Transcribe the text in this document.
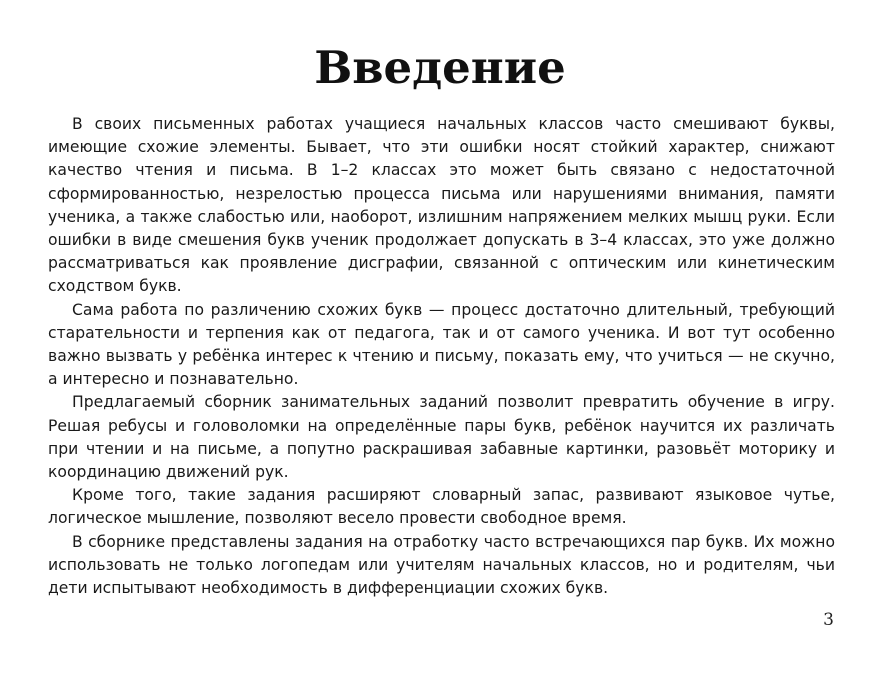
Введение

В своих письменных работах учащиеся начальных классов часто смешивают буквы, имеющие схожие элементы. Бывает, что эти ошибки носят стойкий характер, снижают качество чтения и письма. В 1–2 классах это может быть связано с недостаточной сформированностью, незрелостью процесса письма или нарушениями внимания, памяти ученика, а также слабостью или, наоборот, излишним напряжением мелких мышц руки. Если ошибки в виде смешения букв ученик продолжает допускать в 3–4 классах, это уже должно рассматриваться как проявление дисграфии, связанной с оптическим или кинетическим сходством букв.

Сама работа по различению схожих букв — процесс достаточно длительный, требующий старательности и терпения как от педагога, так и от самого ученика. И вот тут особенно важно вызвать у ребёнка интерес к чтению и письму, показать ему, что учиться — не скучно, а интересно и познавательно.

Предлагаемый сборник занимательных заданий позволит превратить обучение в игру. Решая ребусы и головоломки на определённые пары букв, ребёнок научится их различать при чтении и на письме, а попутно раскрашивая забавные картинки, разовьёт моторику и координацию движений рук.

Кроме того, такие задания расширяют словарный запас, развивают языковое чутье, логическое мышление, позволяют весело провести свободное время.

В сборнике представлены задания на отработку часто встречающихся пар букв. Их можно использовать не только логопедам или учителям начальных классов, но и родителям, чьи дети испытывают необходимость в дифференциации схожих букв.

3
